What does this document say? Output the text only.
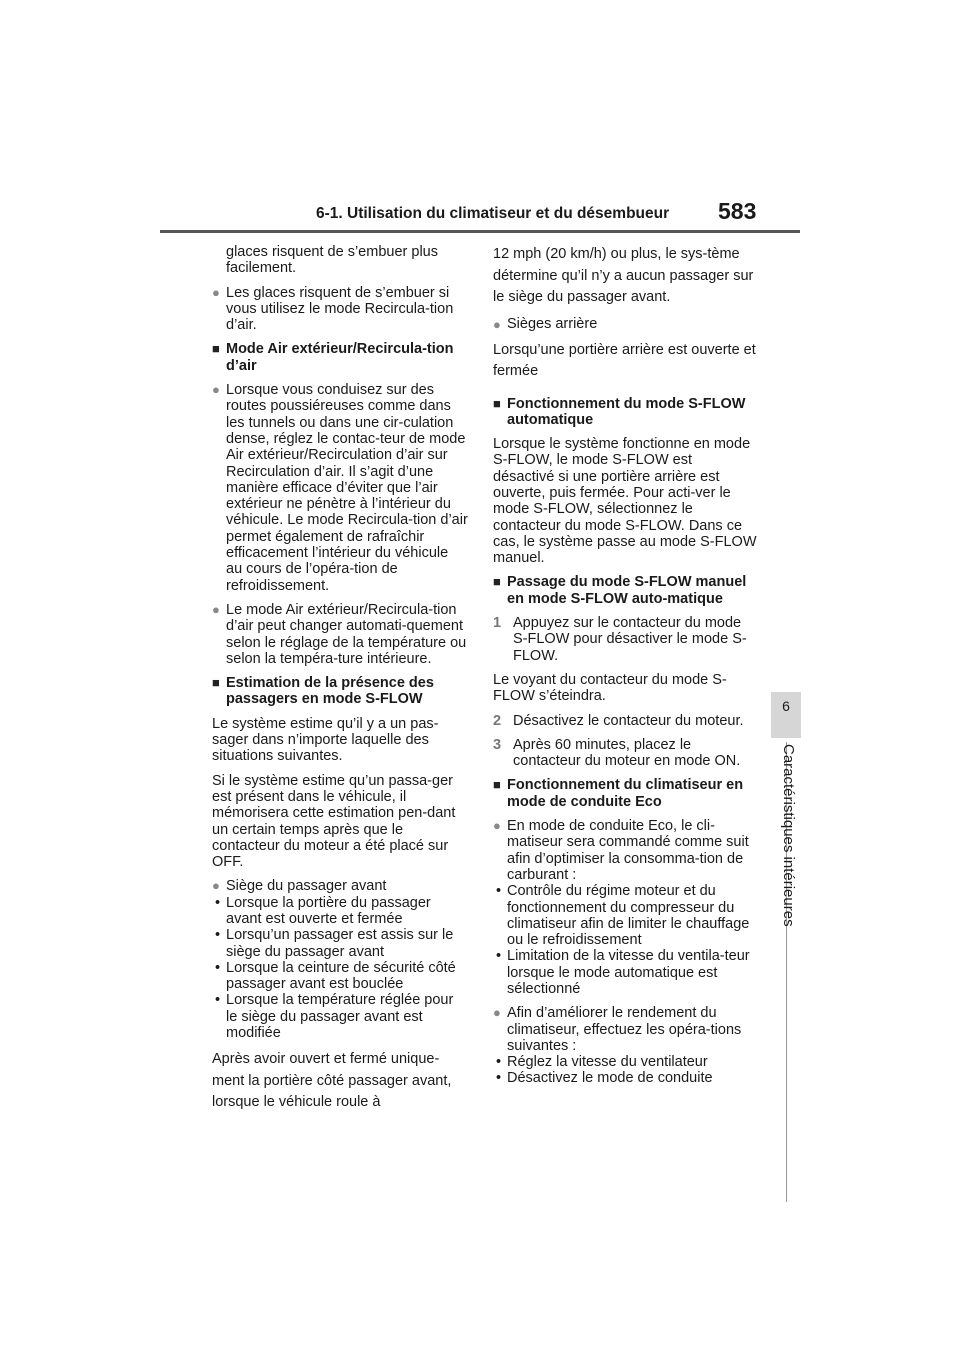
6-1. Utilisation du climatiseur et du désembueur 583
6
Caractéristiques intérieures
glaces risquent de s’embuer plus facilement.
● Les glaces risquent de s’embuer si vous utilisez le mode Recircula-tion d’air.
■ Mode Air extérieur/Recircula-tion d’air
● Lorsque vous conduisez sur des routes poussiéreuses comme dans les tunnels ou dans une cir-culation dense, réglez le contac-teur de mode Air extérieur/Recirculation d’air sur Recirculation d’air. Il s’agit d’une manière efficace d’éviter que l’air extérieur ne pénètre à l’intérieur du véhicule. Le mode Recircula-tion d’air permet également de rafraîchir efficacement l’intérieur du véhicule au cours de l’opéra-tion de refroidissement.
● Le mode Air extérieur/Recircula-tion d’air peut changer automati-quement selon le réglage de la température ou selon la tempéra-ture intérieure.
■ Estimation de la présence des passagers en mode S-FLOW
Le système estime qu’il y a un pas-sager dans n’importe laquelle des situations suivantes.
Si le système estime qu’un passa-ger est présent dans le véhicule, il mémorisera cette estimation pen-dant un certain temps après que le contacteur du moteur a été placé sur OFF.
● Siège du passager avant
• Lorsque la portière du passager avant est ouverte et fermée
• Lorsqu’un passager est assis sur le siège du passager avant
• Lorsque la ceinture de sécurité côté passager avant est bouclée
• Lorsque la température réglée pour le siège du passager avant est modifiée
Après avoir ouvert et fermé unique-ment la portière côté passager avant, lorsque le véhicule roule à
12 mph (20 km/h) ou plus, le sys-tème détermine qu’il n’y a aucun passager sur le siège du passager avant.
● Sièges arrière
Lorsqu’une portière arrière est ouverte et fermée
■ Fonctionnement du mode S-FLOW automatique
Lorsque le système fonctionne en mode S-FLOW, le mode S-FLOW est désactivé si une portière arrière est ouverte, puis fermée. Pour acti-ver le mode S-FLOW, sélectionnez le contacteur du mode S-FLOW. Dans ce cas, le système passe au mode S-FLOW manuel.
■ Passage du mode S-FLOW manuel en mode S-FLOW auto-matique
1 Appuyez sur le contacteur du mode S-FLOW pour désactiver le mode S-FLOW.
Le voyant du contacteur du mode S-FLOW s’éteindra.
2 Désactivez le contacteur du moteur.
3 Après 60 minutes, placez le contacteur du moteur en mode ON.
■ Fonctionnement du climatiseur en mode de conduite Eco
● En mode de conduite Eco, le cli-matiseur sera commandé comme suit afin d’optimiser la consomma-tion de carburant :
• Contrôle du régime moteur et du fonctionnement du compresseur du climatiseur afin de limiter le chauffage ou le refroidissement
• Limitation de la vitesse du ventila-teur lorsque le mode automatique est sélectionné
● Afin d’améliorer le rendement du climatiseur, effectuez les opéra-tions suivantes :
• Réglez la vitesse du ventilateur
• Désactivez le mode de conduite
